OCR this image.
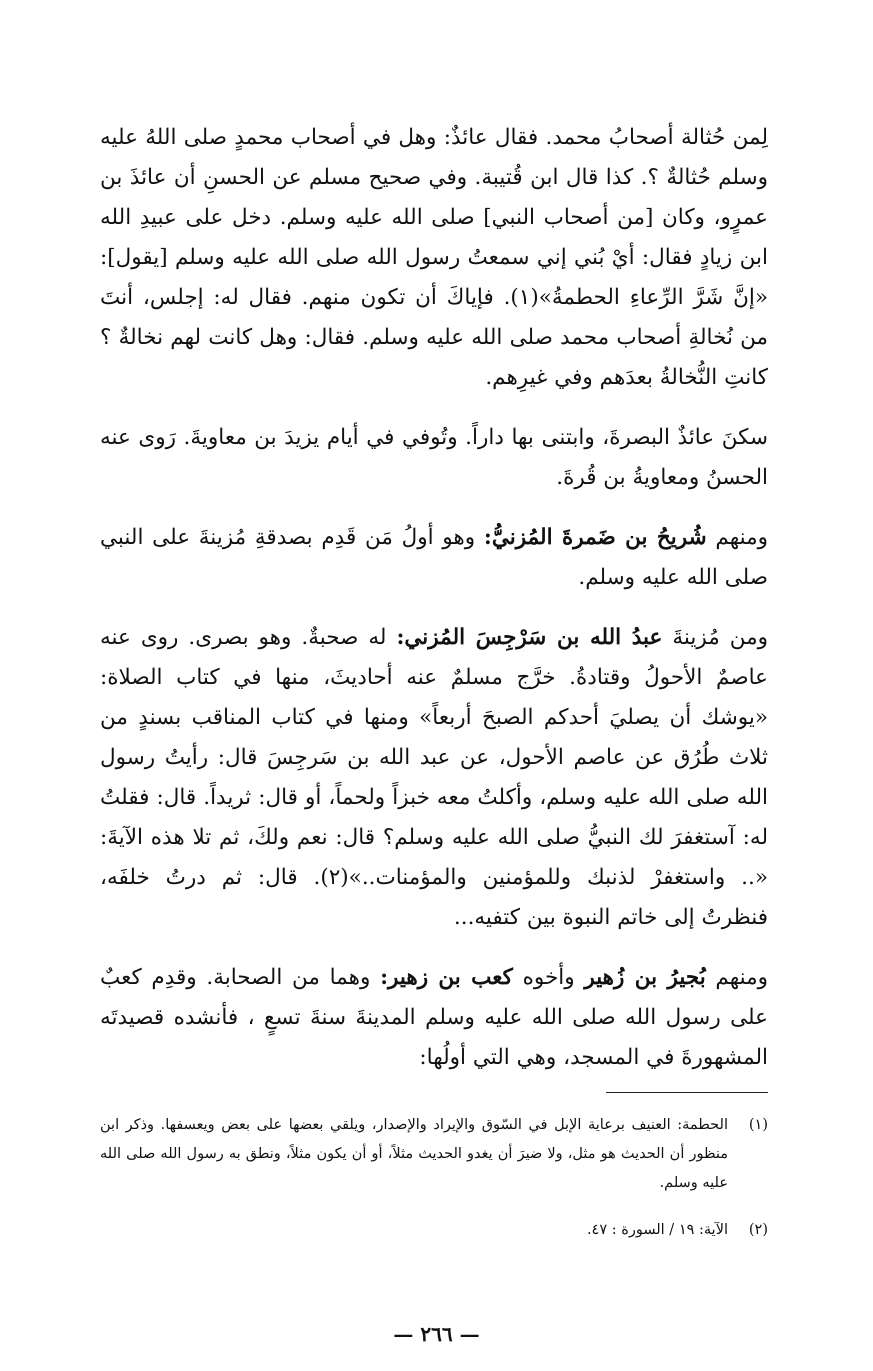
لِمن حُثالة أصحابُ محمد. فقال عائذٌ: وهل في أصحاب محمدٍ صلى اللهُ عليه وسلم حُثالةٌ ؟. كذا قال ابن قُتيبة. وفي صحيح مسلم عن الحسنِ أن عائذَ بن عمرٍو، وكان [من أصحاب النبي] صلى الله عليه وسلم. دخل على عبيدِ الله ابن زيادٍ فقال: أيْ بُني إني سمعتُ رسول الله صلى الله عليه وسلم [يقول]: «إنَّ شَرَّ الرِّعاءِ الحطمةُ»(١). فإياكَ أن تكون منهم. فقال له: إجلس، أنتَ من نُخالةِ أصحاب محمد صلى الله عليه وسلم. فقال: وهل كانت لهم نخالةٌ ؟ كانتِ النُّخالةُ بعدَهم وفي غيرِهم.

سكنَ عائذٌ البصرةَ، وابتنى بها داراً. وتُوفي في أيام يزيدَ بن معاويةَ. رَوى عنه الحسنُ ومعاويةُ بن قُرةَ.

ومنهم شُريحُ بن ضَمرةَ المُزنيُّ: وهو أولُ مَن قَدِم بصدقةِ مُزينةَ على النبي صلى الله عليه وسلم.

ومن مُزينةَ عبدُ الله بن سَرْجِسَ المُزني: له صحبةٌ. وهو بصرى. روى عنه عاصمٌ الأحولُ وقتادةُ. خرَّج مسلمٌ عنه أحاديثَ، منها في كتاب الصلاة: «يوشك أن يصليَ أحدكم الصبحَ أربعاً» ومنها في كتاب المناقب بسندٍ من ثلاث طُرُق عن عاصم الأحول، عن عبد الله بن سَرجِسَ قال: رأيتُ رسول الله صلى الله عليه وسلم، وأكلتُ معه خبزاً ولحماً، أو قال: ثريداً. قال: فقلتُ له: آستغفرَ لك النبيُّ صلى الله عليه وسلم؟ قال: نعم ولكَ، ثم تلا هذه الآيةَ: «.. واستغفرْ لذنبك وللمؤمنين والمؤمنات..»(٢). قال: ثم درتُ خلفَه، فنظرتُ إلى خاتم النبوة بين كتفيه...

ومنهم بُجيرُ بن زُهير وأخوه كعب بن زهير: وهما من الصحابة. وقدِم كعبٌ على رسول الله صلى الله عليه وسلم المدينةَ سنةَ تسعٍ ، فأنشده قصيدتَه المشهورةَ في المسجد، وهي التي أولُها:

(١)
الحطمة: العنيف برعاية الإبل في السّوق والإيراد والإصدار، ويلقي بعضها على بعض ويعسفها. وذكر ابن منظور أن الحديث هو مثل، ولا ضيرَ أن يغدو الحديث مثلاً، أو أن يكون مثلاً، ونطق به رسول الله صلى الله عليه وسلم.
(٢)
الآية: ١٩ / السورة : ٤٧.
— ٢٦٦ —
